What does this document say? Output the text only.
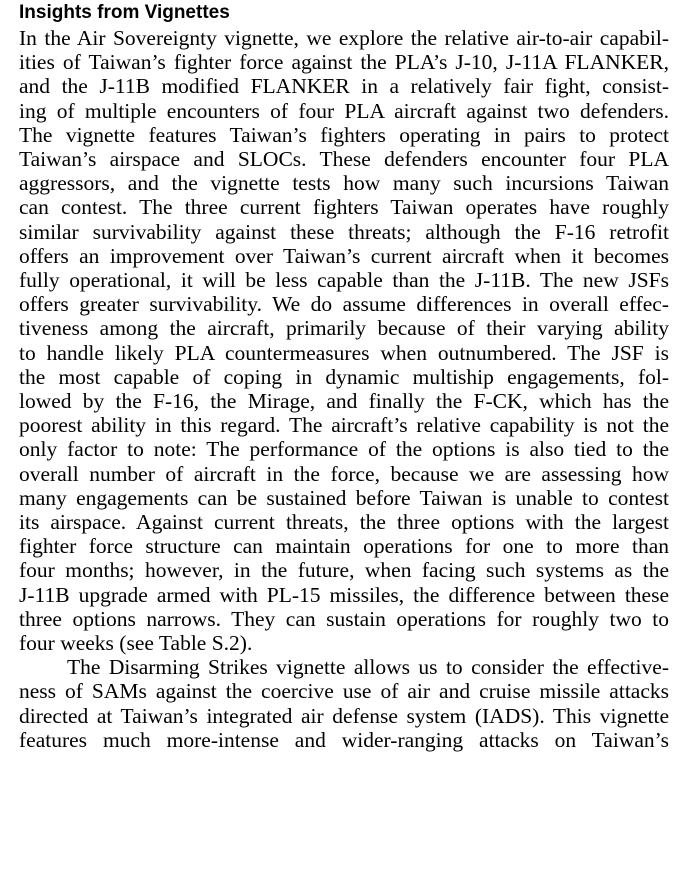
Insights from Vignettes

In the Air Sovereignty vignette, we explore the relative air-to-air capabil-
ities of Taiwan’s fighter force against the PLA’s J-10, J-11A FLANKER,
and the J-11B modified FLANKER in a relatively fair fight, consist-
ing of multiple encounters of four PLA aircraft against two defenders.
The vignette features Taiwan’s fighters operating in pairs to protect
Taiwan’s airspace and SLOCs. These defenders encounter four PLA
aggressors, and the vignette tests how many such incursions Taiwan
can contest. The three current fighters Taiwan operates have roughly
similar survivability against these threats; although the F-16 retrofit
offers an improvement over Taiwan’s current aircraft when it becomes
fully operational, it will be less capable than the J-11B. The new JSFs
offers greater survivability. We do assume differences in overall effec-
tiveness among the aircraft, primarily because of their varying ability
to handle likely PLA countermeasures when outnumbered. The JSF is
the most capable of coping in dynamic multiship engagements, fol-
lowed by the F-16, the Mirage, and finally the F-CK, which has the
poorest ability in this regard. The aircraft’s relative capability is not the
only factor to note: The performance of the options is also tied to the
overall number of aircraft in the force, because we are assessing how
many engagements can be sustained before Taiwan is unable to contest
its airspace. Against current threats, the three options with the largest
fighter force structure can maintain operations for one to more than
four months; however, in the future, when facing such systems as the
J-11B upgrade armed with PL-15 missiles, the difference between these
three options narrows. They can sustain operations for roughly two to
four weeks (see Table S.2).

The Disarming Strikes vignette allows us to consider the effective-
ness of SAMs against the coercive use of air and cruise missile attacks
directed at Taiwan’s integrated air defense system (IADS). This vignette
features much more-intense and wider-ranging attacks on Taiwan’s
